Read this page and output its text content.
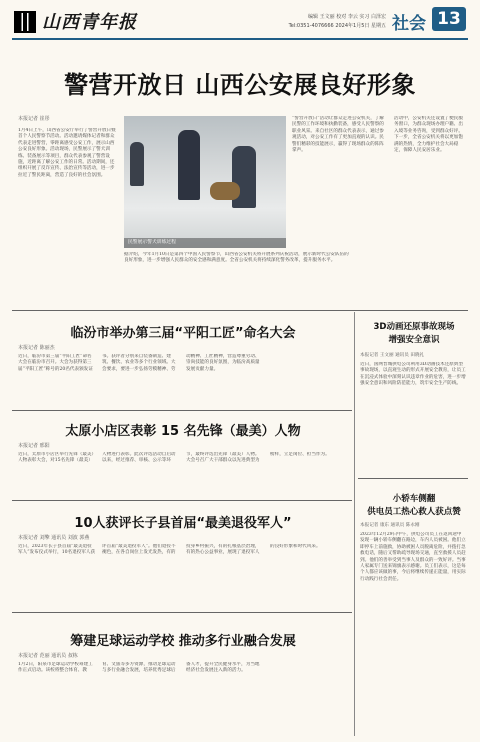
山西青年报	编辑 王文丽 校对 李云 实习 白泽宏
Tel:0351-4076666 2024年1月5日 星期五 社会 13
警营开放日 山西公安展良好形象
本报记者 崔彤
1月4日上午，山西省公安厅举行了警营开放日暨首个人民警察节活动。活动邀请媒体记者和群众代表走进警营，零距离感受公安工作，展示山西公安良好形象。活动现场，民警展示了警犬训练、装备展示等项目，群众代表参观了警营设施，近距离了解公安工作的日常。活动期间，还组织开展了反诈宣传、法治宣传等活动，进一步拉近了警民距离，营造了良好的社会氛围。
民警展示警犬训练过程
据介绍，今年1月10日是第四个中国人民警察节，山西省公安机关将开展系列庆祝活动，展示新时代公安队伍的良好形象，进一步增强人民群众的安全感和满意度。全省公安机关将持续深化警务改革，提升服务水平。
“警营开放日”活动让群众走进公安机关，了解民警的工作环境和执勤装备，感受人民警察的职业风采。来自社区的群众代表表示，通过参观活动，对公安工作有了更加直观的认识。民警们精彩的技能展示，赢得了现场群众的阵阵掌声。
活动中，公安机关还设置了便民服务窗口，为群众现场办理户籍、出入境等业务咨询，受到群众好评。下一步，全省公安机关将以更加饱满的热情，全力维护社会大局稳定，保障人民安居乐业。
临汾市举办第三届“平阳工匠”命名大会
本报记者 陈丽杰
近日，临汾市第三届“平阳工匠”命名大会在临汾市召开。大会为获得第三届“平阳工匠”称号的20名代表颁发证书。获评者分别来自装备制造、建筑、餐饮、农业等多个行业领域。大会要求，要进一步弘扬劳模精神、劳动精神、工匠精神，营造尊重劳动、崇尚技能的良好氛围，为临汾高质量发展贡献力量。
太原小店区表彰 15 名先锋（最美）人物
本报记者 邢阳
近日，太原市小店区举行先锋（最美）人物表彰大会，对15名先锋（最美）人物进行表彰。此次评选活动自启动以来，经过推荐、审核、公示等环节，最终评选出先锋（最美）人物。大会号召广大干部群众以先进典型为榜样，立足岗位、担当作为。
10人获评长子县首届“最美退役军人”
本报记者 刘擎 通讯员 刘波 郭燕
近日，2023年长子县首届“最美退役军人”发布仪式举行，10名退役军人获评首届“最美退役军人”。他们退役不褪色，在各自岗位上发光发热，有的投身乡村振兴，有的扎根基层治理，有的热心公益事业，展现了退役军人的良好形象和时代风采。
筹建足球运动学校 推动多行业融合发展
本报记者 范丽 通讯员 叔栋
1月2日，阳泉市足球运动学校筹建工作正式启动。该校将整合体育、教育、文旅等多方资源，推动足球运动与多行业融合发展，培养优秀足球后备人才，提升全民健身水平，为当地经济社会发展注入新的活力。
3D动画还原事故现场
增强安全意识
本报记者 王文丽 通讯员 田晓礼
近日，国网晋城供电公司利用3D动画技术还原典型事故现场，以直观生动的形式开展安全教育，让员工在沉浸式体验中深刻认识违章作业的危害，进一步增强安全意识和风险防范能力，筑牢安全生产防线。
小轿车侧翻
供电员工热心救人获点赞
本报记者 康东 通讯员 陈永刚
2023年12月29日中午，供电公司员工在返回途中发现一辆小轿车侧翻在路边，车内人员被困。他们立即停车上前施救，协助被困人员脱离危险，并拨打急救电话，随后又帮助疏导现场交通，直至救援人员赶到。他们的善举受到当事人及群众的一致好评。当事人家属专门送来锦旗表示感谢。员工们表示，这是每个人都应该做的事，今后将继续传递正能量，用实际行动践行社会责任。
